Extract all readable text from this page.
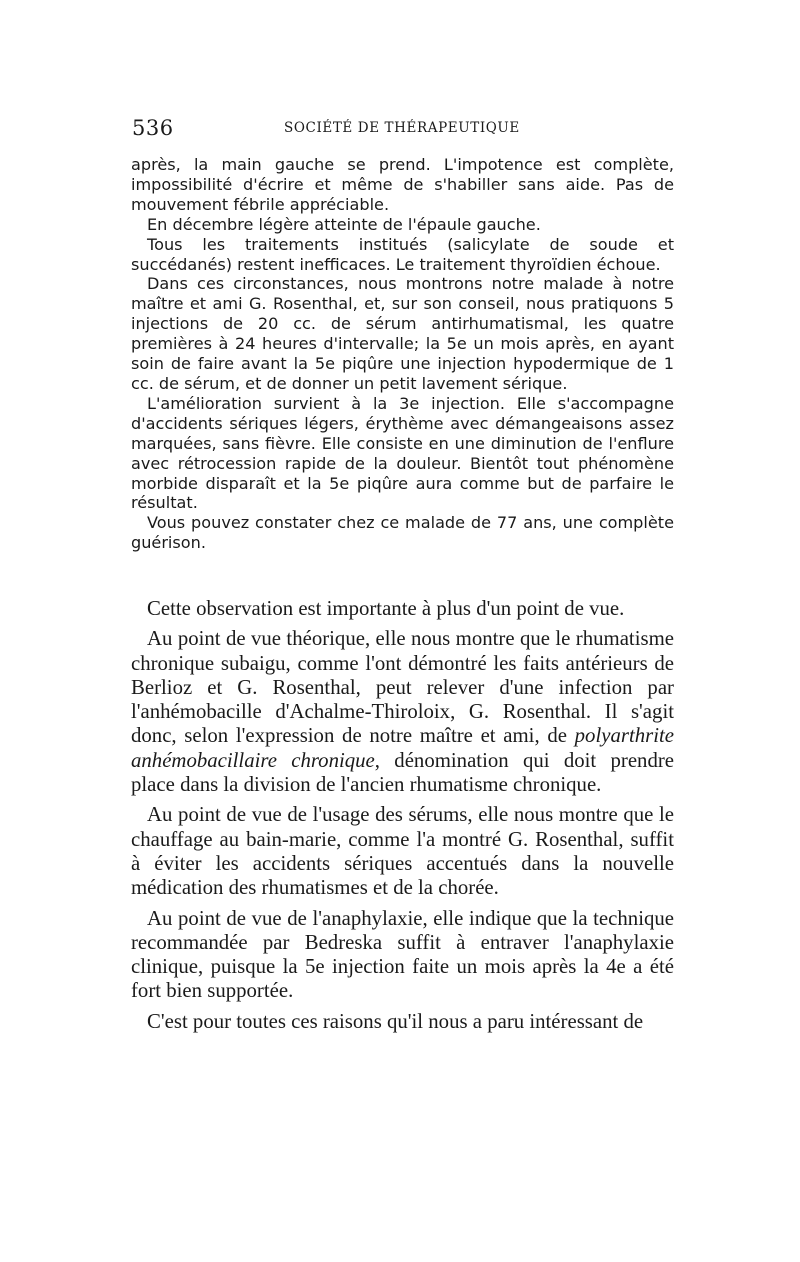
536	SOCIÉTÉ DE THÉRAPEUTIQUE

après, la main gauche se prend. L'impotence est complète, impossibilité d'écrire et même de s'habiller sans aide. Pas de mouvement fébrile appréciable.

En décembre légère atteinte de l'épaule gauche.

Tous les traitements institués (salicylate de soude et succédanés) restent inefficaces. Le traitement thyroïdien échoue.

Dans ces circonstances, nous montrons notre malade à notre maître et ami G. Rosenthal, et, sur son conseil, nous pratiquons 5 injections de 20 cc. de sérum antirhumatismal, les quatre premières à 24 heures d'intervalle; la 5e un mois après, en ayant soin de faire avant la 5e piqûre une injection hypodermique de 1 cc. de sérum, et de donner un petit lavement sérique.

L'amélioration survient à la 3e injection. Elle s'accompagne d'accidents sériques légers, érythème avec démangeaisons assez marquées, sans fièvre. Elle consiste en une diminution de l'enflure avec rétrocession rapide de la douleur. Bientôt tout phénomène morbide disparaît et la 5e piqûre aura comme but de parfaire le résultat.

Vous pouvez constater chez ce malade de 77 ans, une complète guérison.

Cette observation est importante à plus d'un point de vue.

Au point de vue théorique, elle nous montre que le rhumatisme chronique subaigu, comme l'ont démontré les faits antérieurs de Berlioz et G. Rosenthal, peut relever d'une infection par l'anhémobacille d'Achalme-Thiroloix, G. Rosenthal. Il s'agit donc, selon l'expression de notre maître et ami, de polyarthrite anhémobacillaire chronique, dénomination qui doit prendre place dans la division de l'ancien rhumatisme chronique.

Au point de vue de l'usage des sérums, elle nous montre que le chauffage au bain-marie, comme l'a montré G. Rosenthal, suffit à éviter les accidents sériques accentués dans la nouvelle médication des rhumatismes et de la chorée.

Au point de vue de l'anaphylaxie, elle indique que la technique recommandée par Bedreska suffit à entraver l'anaphylaxie clinique, puisque la 5e injection faite un mois après la 4e a été fort bien supportée.

C'est pour toutes ces raisons qu'il nous a paru intéressant de
